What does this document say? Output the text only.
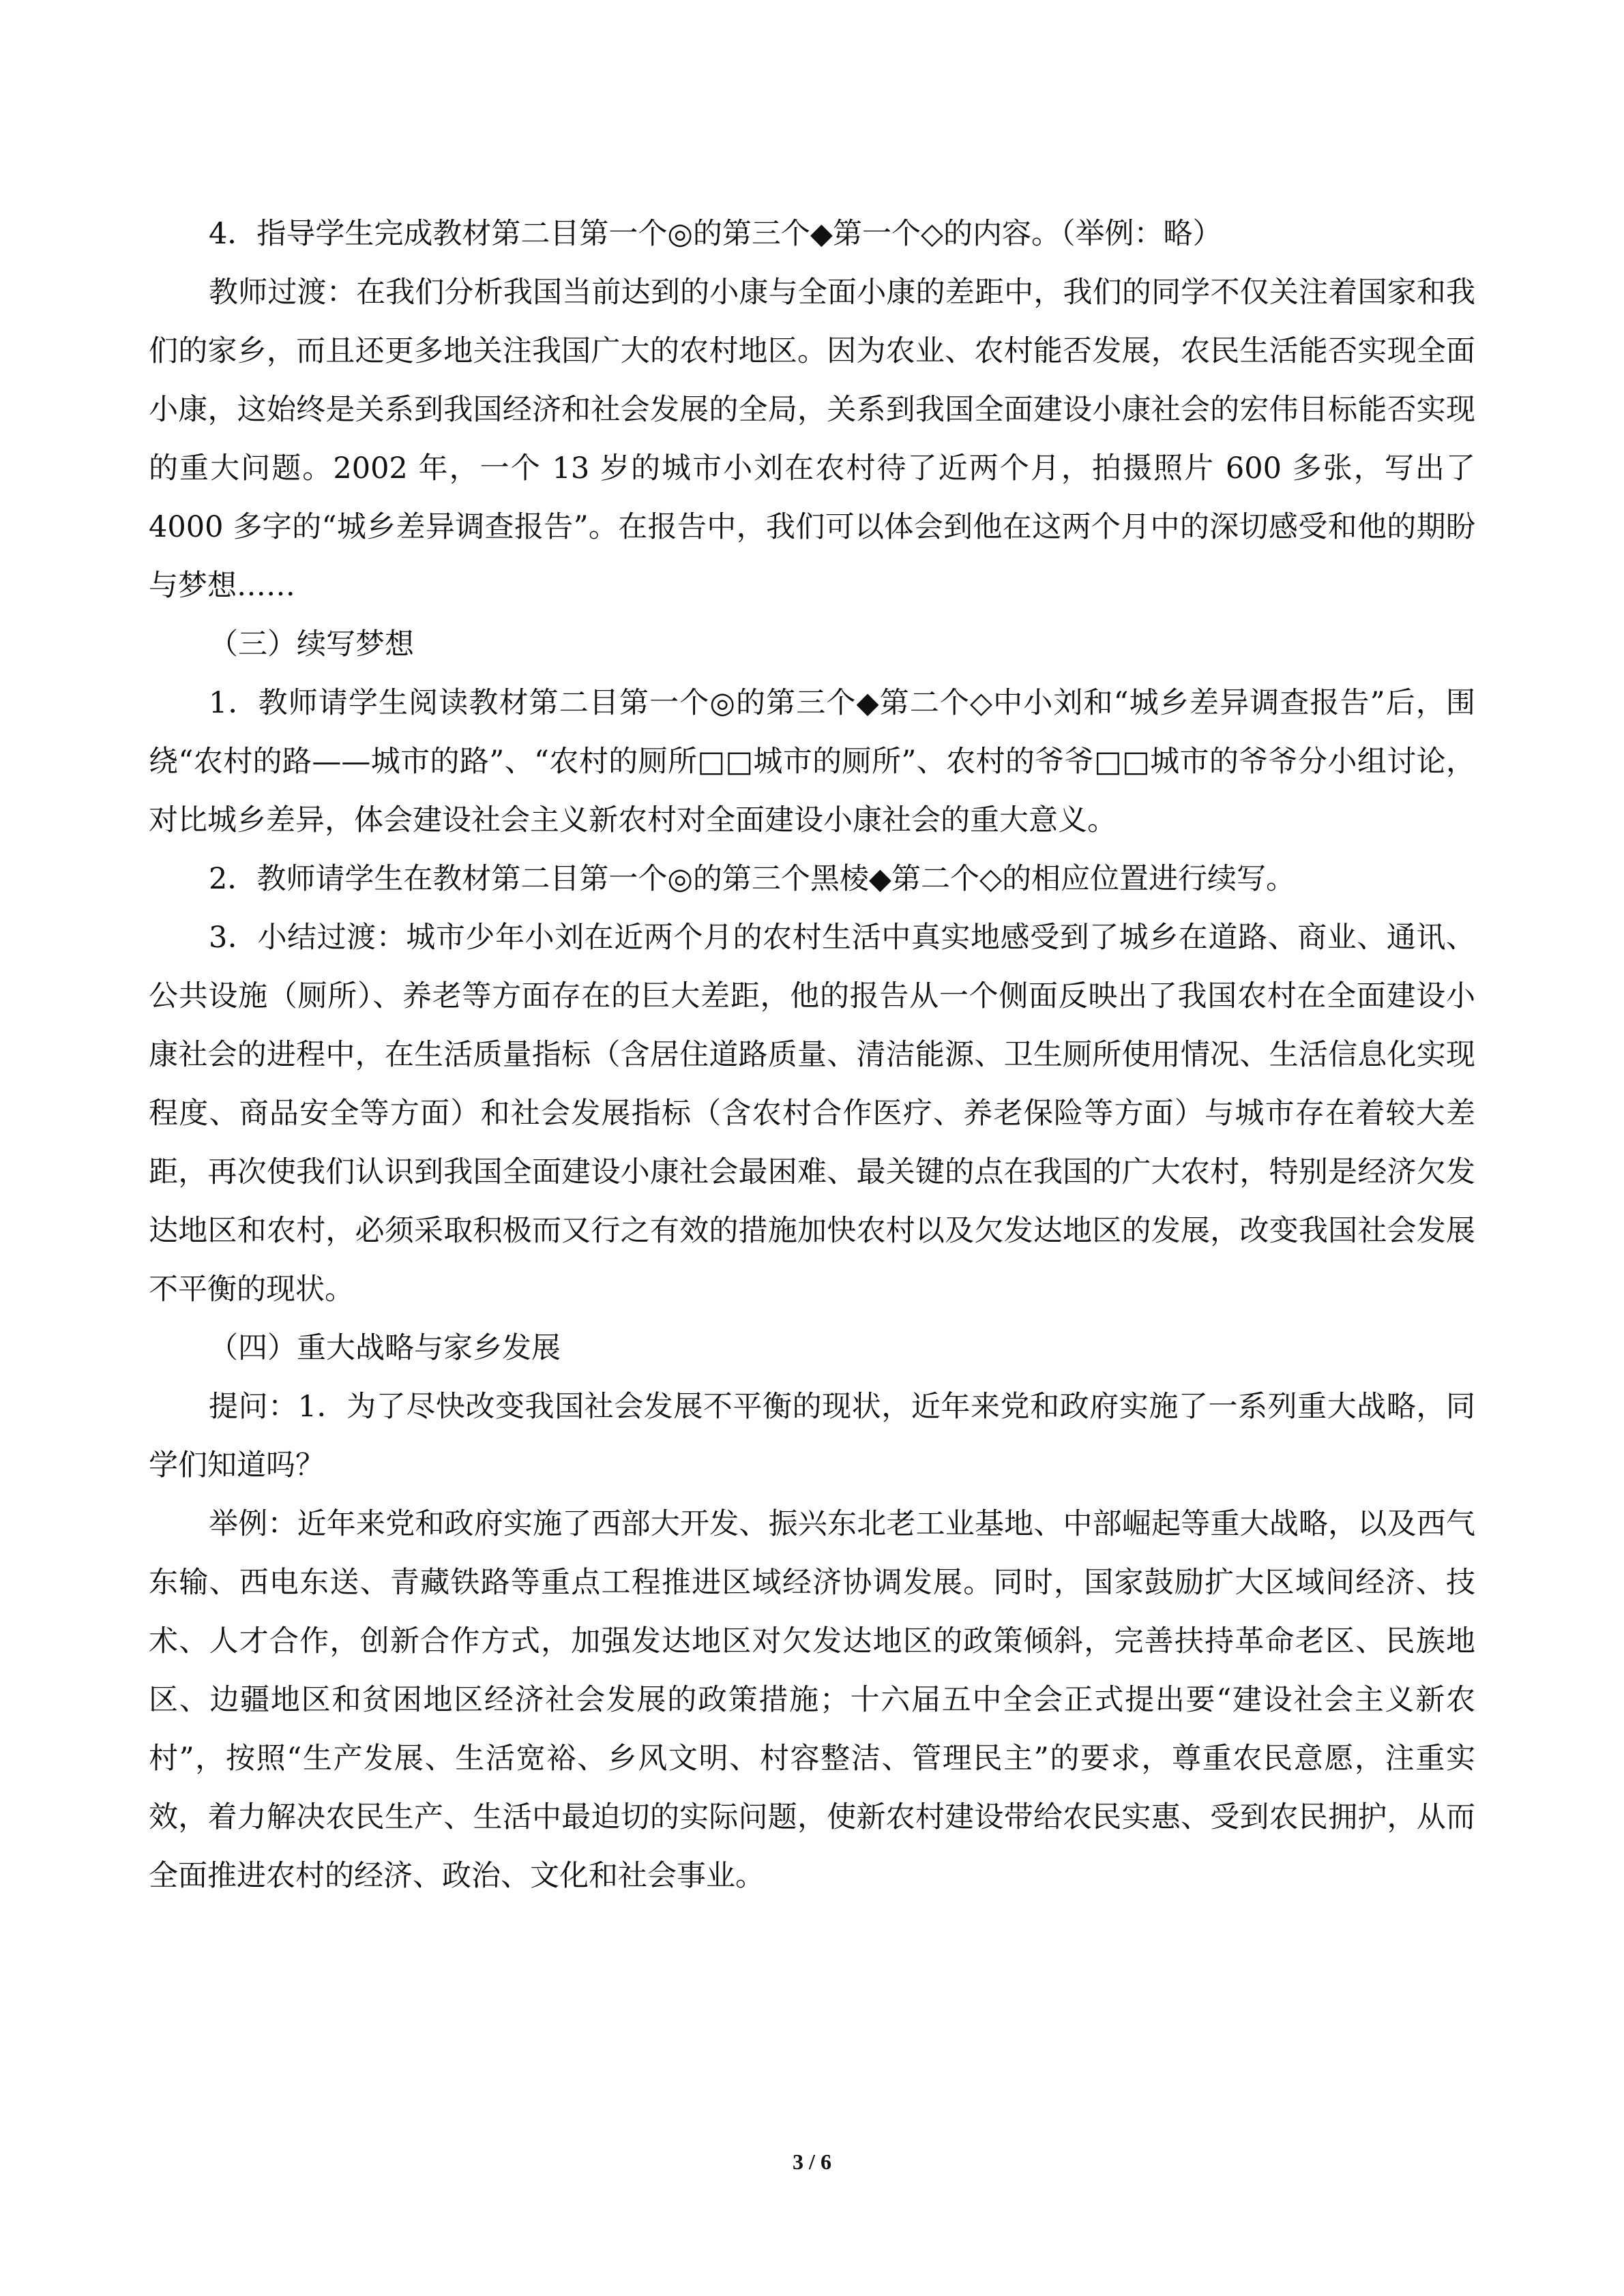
4．指导学生完成教材第二目第一个◎的第三个◆第一个◇的内容。（举例：略）

教师过渡：在我们分析我国当前达到的小康与全面小康的差距中，我们的同学不仅关注着国家和我们的家乡，而且还更多地关注我国广大的农村地区。因为农业、农村能否发展，农民生活能否实现全面小康，这始终是关系到我国经济和社会发展的全局，关系到我国全面建设小康社会的宏伟目标能否实现的重大问题。2002 年，一个 13 岁的城市小刘在农村待了近两个月，拍摄照片 600 多张，写出了 4000 多字的“城乡差异调查报告”。在报告中，我们可以体会到他在这两个月中的深切感受和他的期盼与梦想……

（三）续写梦想

1．教师请学生阅读教材第二目第一个◎的第三个◆第二个◇中小刘和“城乡差异调查报告”后，围绕“农村的路——城市的路”、“农村的厕所□□城市的厕所”、农村的爷爷□□城市的爷爷分小组讨论，对比城乡差异，体会建设社会主义新农村对全面建设小康社会的重大意义。

2．教师请学生在教材第二目第一个◎的第三个黑棱◆第二个◇的相应位置进行续写。

3．小结过渡：城市少年小刘在近两个月的农村生活中真实地感受到了城乡在道路、商业、通讯、公共设施（厕所）、养老等方面存在的巨大差距，他的报告从一个侧面反映出了我国农村在全面建设小康社会的进程中，在生活质量指标（含居住道路质量、清洁能源、卫生厕所使用情况、生活信息化实现程度、商品安全等方面）和社会发展指标（含农村合作医疗、养老保险等方面）与城市存在着较大差距，再次使我们认识到我国全面建设小康社会最困难、最关键的点在我国的广大农村，特别是经济欠发达地区和农村，必须采取积极而又行之有效的措施加快农村以及欠发达地区的发展，改变我国社会发展不平衡的现状。

（四）重大战略与家乡发展

提问：1．为了尽快改变我国社会发展不平衡的现状，近年来党和政府实施了一系列重大战略，同学们知道吗？

举例：近年来党和政府实施了西部大开发、振兴东北老工业基地、中部崛起等重大战略，以及西气东输、西电东送、青藏铁路等重点工程推进区域经济协调发展。同时，国家鼓励扩大区域间经济、技术、人才合作，创新合作方式，加强发达地区对欠发达地区的政策倾斜，完善扶持革命老区、民族地区、边疆地区和贫困地区经济社会发展的政策措施；十六届五中全会正式提出要“建设社会主义新农村”，按照“生产发展、生活宽裕、乡风文明、村容整洁、管理民主”的要求，尊重农民意愿，注重实效，着力解决农民生产、生活中最迫切的实际问题，使新农村建设带给农民实惠、受到农民拥护，从而全面推进农村的经济、政治、文化和社会事业。

3 / 6
